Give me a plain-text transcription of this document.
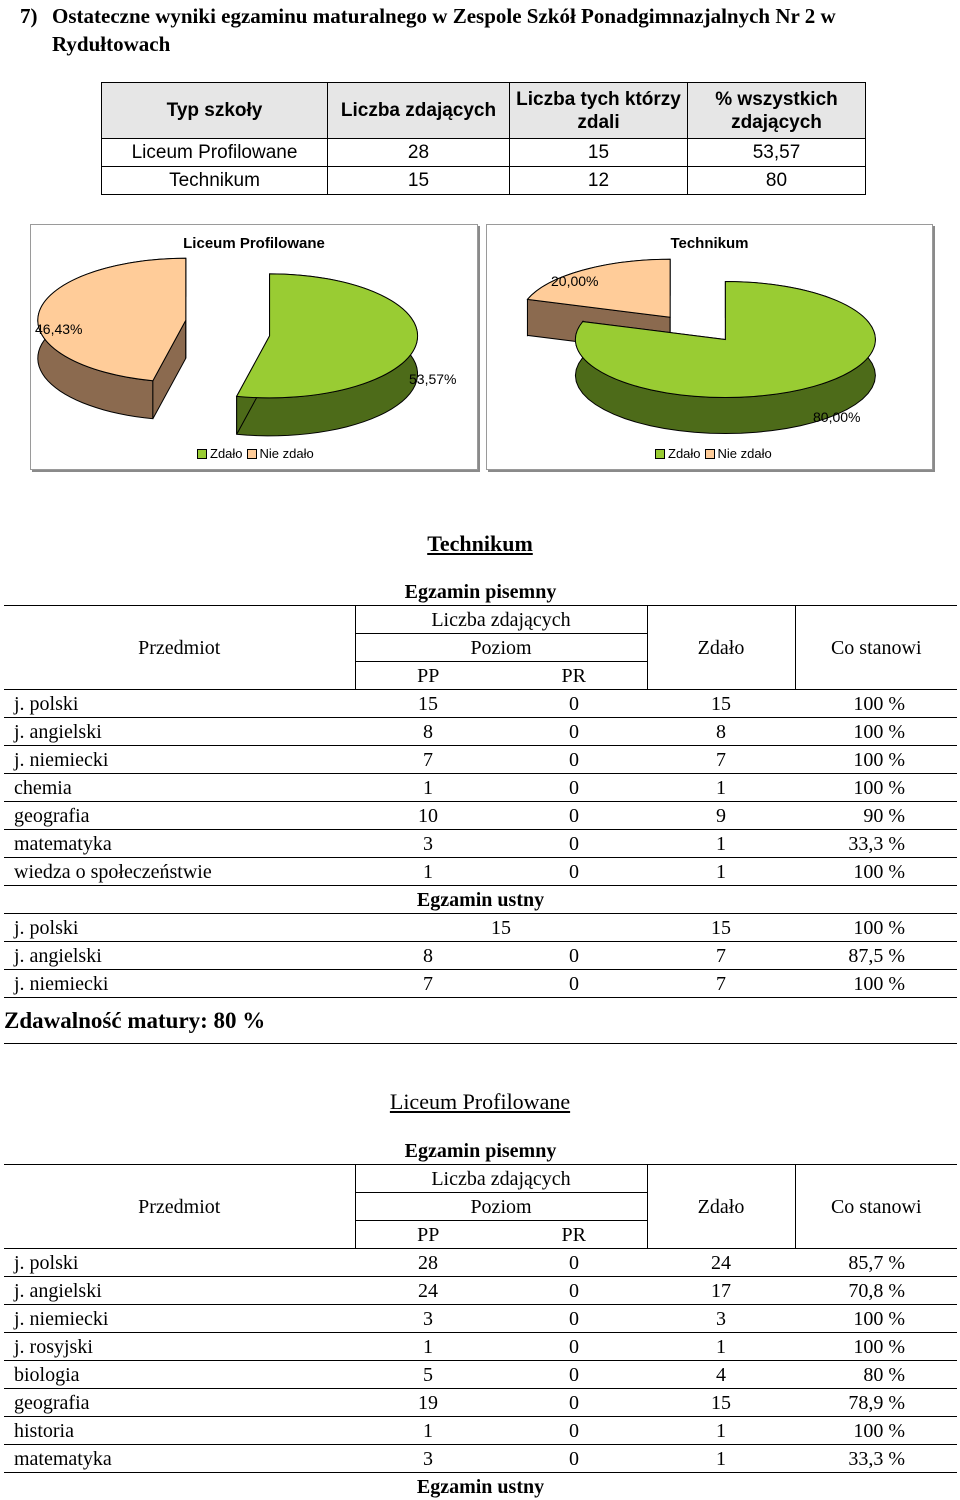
7) Ostateczne wyniki egzaminu maturalnego w Zespole Szkół Ponadgimnazjalnych Nr 2 w Rydułtowach
Typ szkoły	Liczba zdających	Liczba tych którzy zdali	% wszystkich zdających
Liceum Profilowane	28	15	53,57
Technikum	15	12	80
Liceum Profilowane
46,43%
53,57%
Zdało Nie zdało
Technikum
20,00%
80,00%
Zdało Nie zdało
Technikum
Egzamin pisemny				
Przedmiot	Liczba zdających		Zdało	Co stanowi
	Poziom			
	PP	PR		
j. polski	15	0	15	100 %
j. angielski	8	0	8	100 %
j. niemiecki	7	0	7	100 %
chemia	1	0	1	100 %
geografia	10	0	9	90 %
matematyka	3	0	1	33,3 %
wiedza o społeczeństwie	1	0	1	100 %
Egzamin ustny				
j. polski	15		15	100 %
j. angielski	8	0	7	87,5 %
j. niemiecki	7	0	7	100 %
Zdawalność matury: 80 %				
Liceum Profilowane
Egzamin pisemny				
Przedmiot	Liczba zdających		Zdało	Co stanowi
	Poziom			
	PP	PR		
j. polski	28	0	24	85,7 %
j. angielski	24	0	17	70,8 %
j. niemiecki	3	0	3	100 %
j. rosyjski	1	0	1	100 %
biologia	5	0	4	80 %
geografia	19	0	15	78,9 %
historia	1	0	1	100 %
matematyka	3	0	1	33,3 %
Egzamin ustny				
